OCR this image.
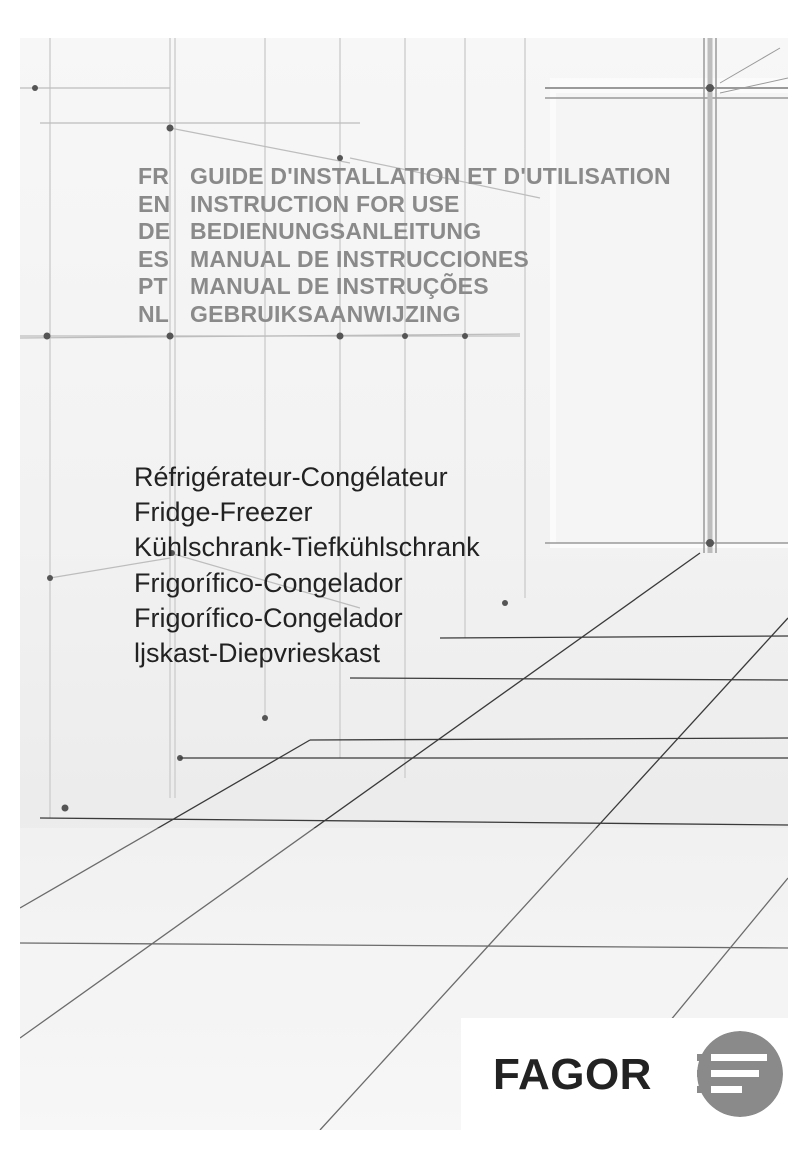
FR GUIDE D'INSTALLATION ET D'UTILISATION
EN INSTRUCTION FOR USE
DE BEDIENUNGSANLEITUNG
ES MANUAL DE INSTRUCCIONES
PT MANUAL DE INSTRUÇÕES
NL GEBRUIKSAANWIJZING
Réfrigérateur-Congélateur
Fridge-Freezer
Kühlschrank-Tiefkühlschrank
Frigorífico-Congelador
Frigorífico-Congelador
ljskast-Diepvrieskast
FAGOR
